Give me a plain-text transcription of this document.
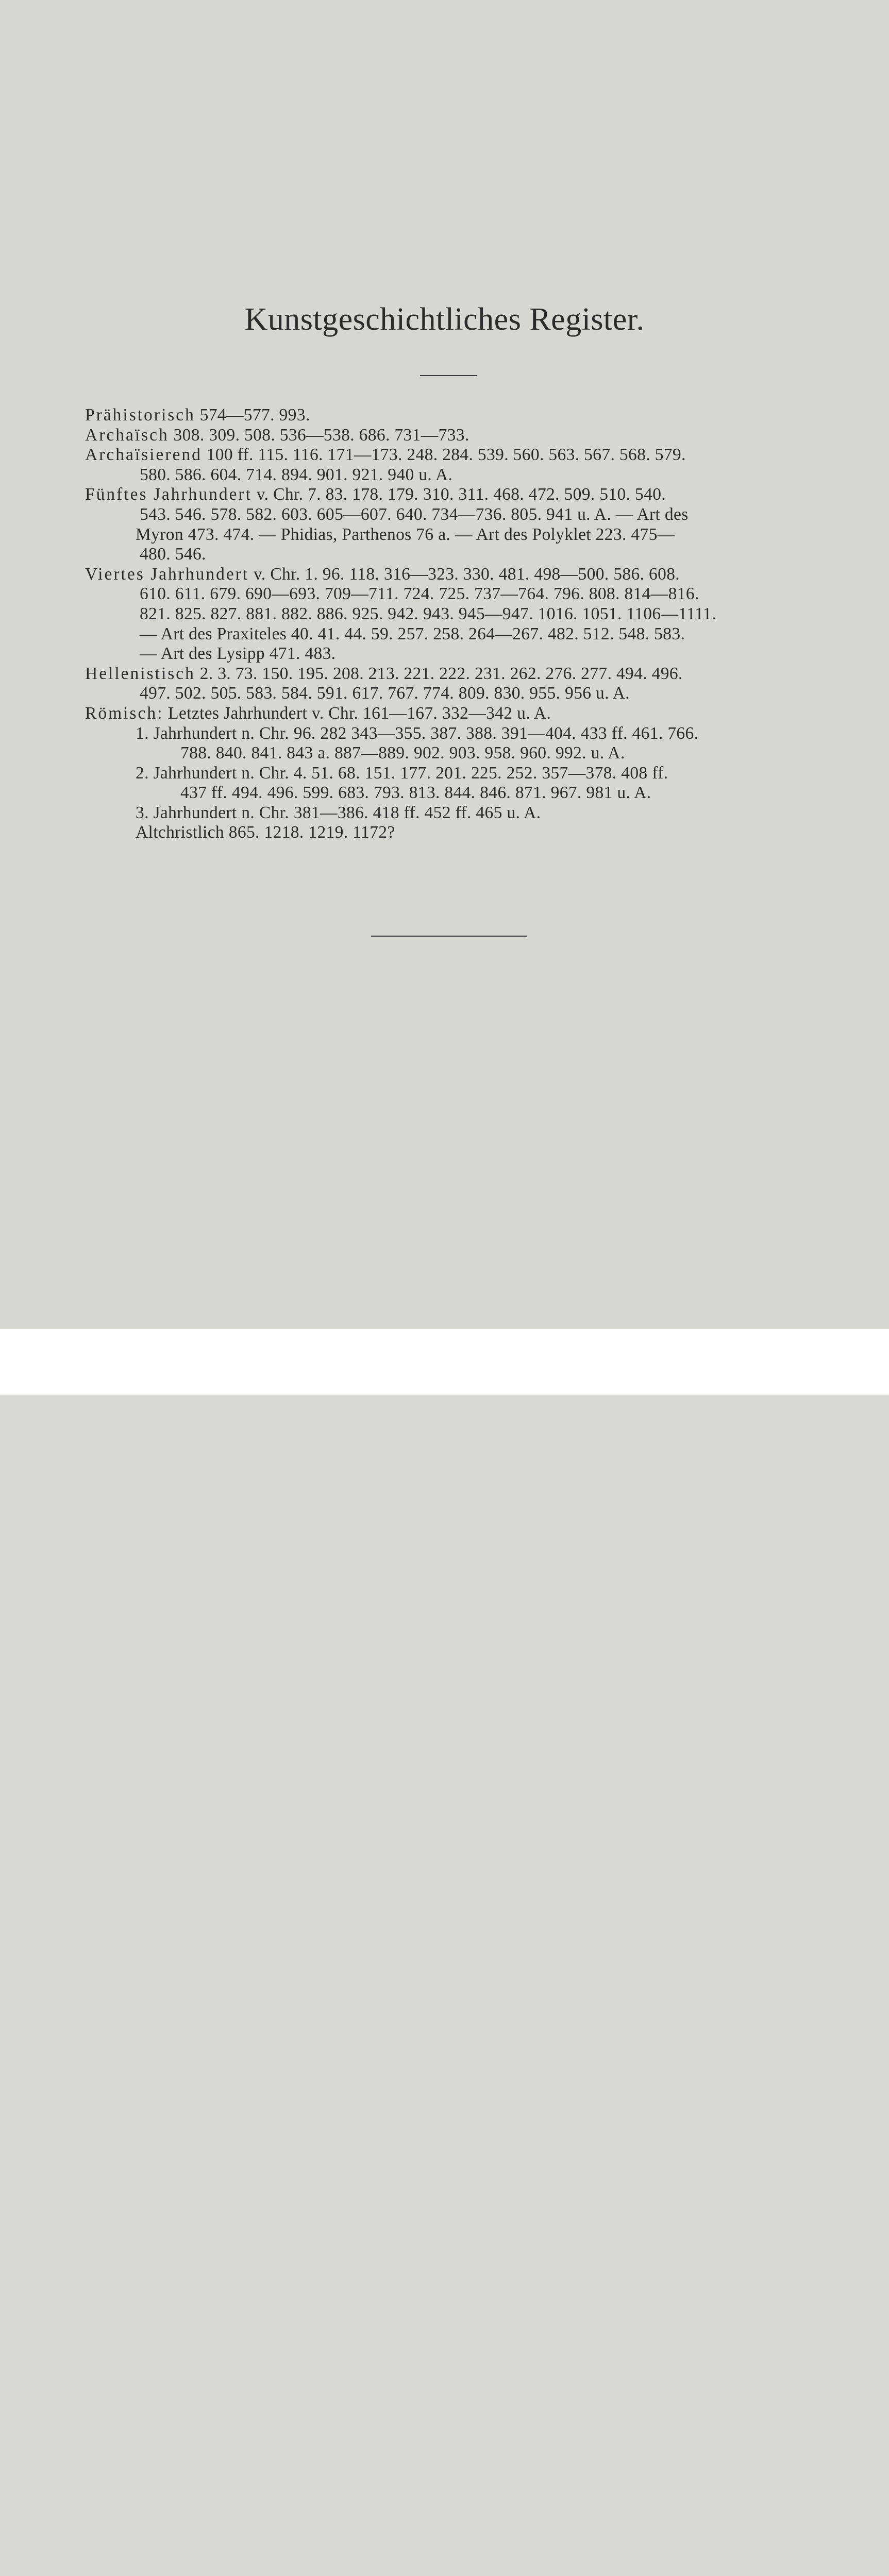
Kunstgeschichtliches Register.
Prähistorisch 574—577. 993.
Archaïsch 308. 309. 508. 536—538. 686. 731—733.
Archaïsierend 100 ff. 115. 116. 171—173. 248. 284. 539. 560. 563. 567. 568. 579.
580. 586. 604. 714. 894. 901. 921. 940 u. A.
Fünftes Jahrhundert v. Chr. 7. 83. 178. 179. 310. 311. 468. 472. 509. 510. 540.
543. 546. 578. 582. 603. 605—607. 640. 734—736. 805. 941 u. A. — Art des
Myron 473. 474. — Phidias, Parthenos 76 a. — Art des Polyklet 223. 475—
480. 546.
Viertes Jahrhundert v. Chr. 1. 96. 118. 316—323. 330. 481. 498—500. 586. 608.
610. 611. 679. 690—693. 709—711. 724. 725. 737—764. 796. 808. 814—816.
821. 825. 827. 881. 882. 886. 925. 942. 943. 945—947. 1016. 1051. 1106—1111.
— Art des Praxiteles 40. 41. 44. 59. 257. 258. 264—267. 482. 512. 548. 583.
— Art des Lysipp 471. 483.
Hellenistisch 2. 3. 73. 150. 195. 208. 213. 221. 222. 231. 262. 276. 277. 494. 496.
497. 502. 505. 583. 584. 591. 617. 767. 774. 809. 830. 955. 956 u. A.
Römisch: Letztes Jahrhundert v. Chr. 161—167. 332—342 u. A.
1. Jahrhundert n. Chr. 96. 282 343—355. 387. 388. 391—404. 433 ff. 461. 766.
788. 840. 841. 843 a. 887—889. 902. 903. 958. 960. 992. u. A.
2. Jahrhundert n. Chr. 4. 51. 68. 151. 177. 201. 225. 252. 357—378. 408 ff.
437 ff. 494. 496. 599. 683. 793. 813. 844. 846. 871. 967. 981 u. A.
3. Jahrhundert n. Chr. 381—386. 418 ff. 452 ff. 465 u. A.
Altchristlich 865. 1218. 1219. 1172?
